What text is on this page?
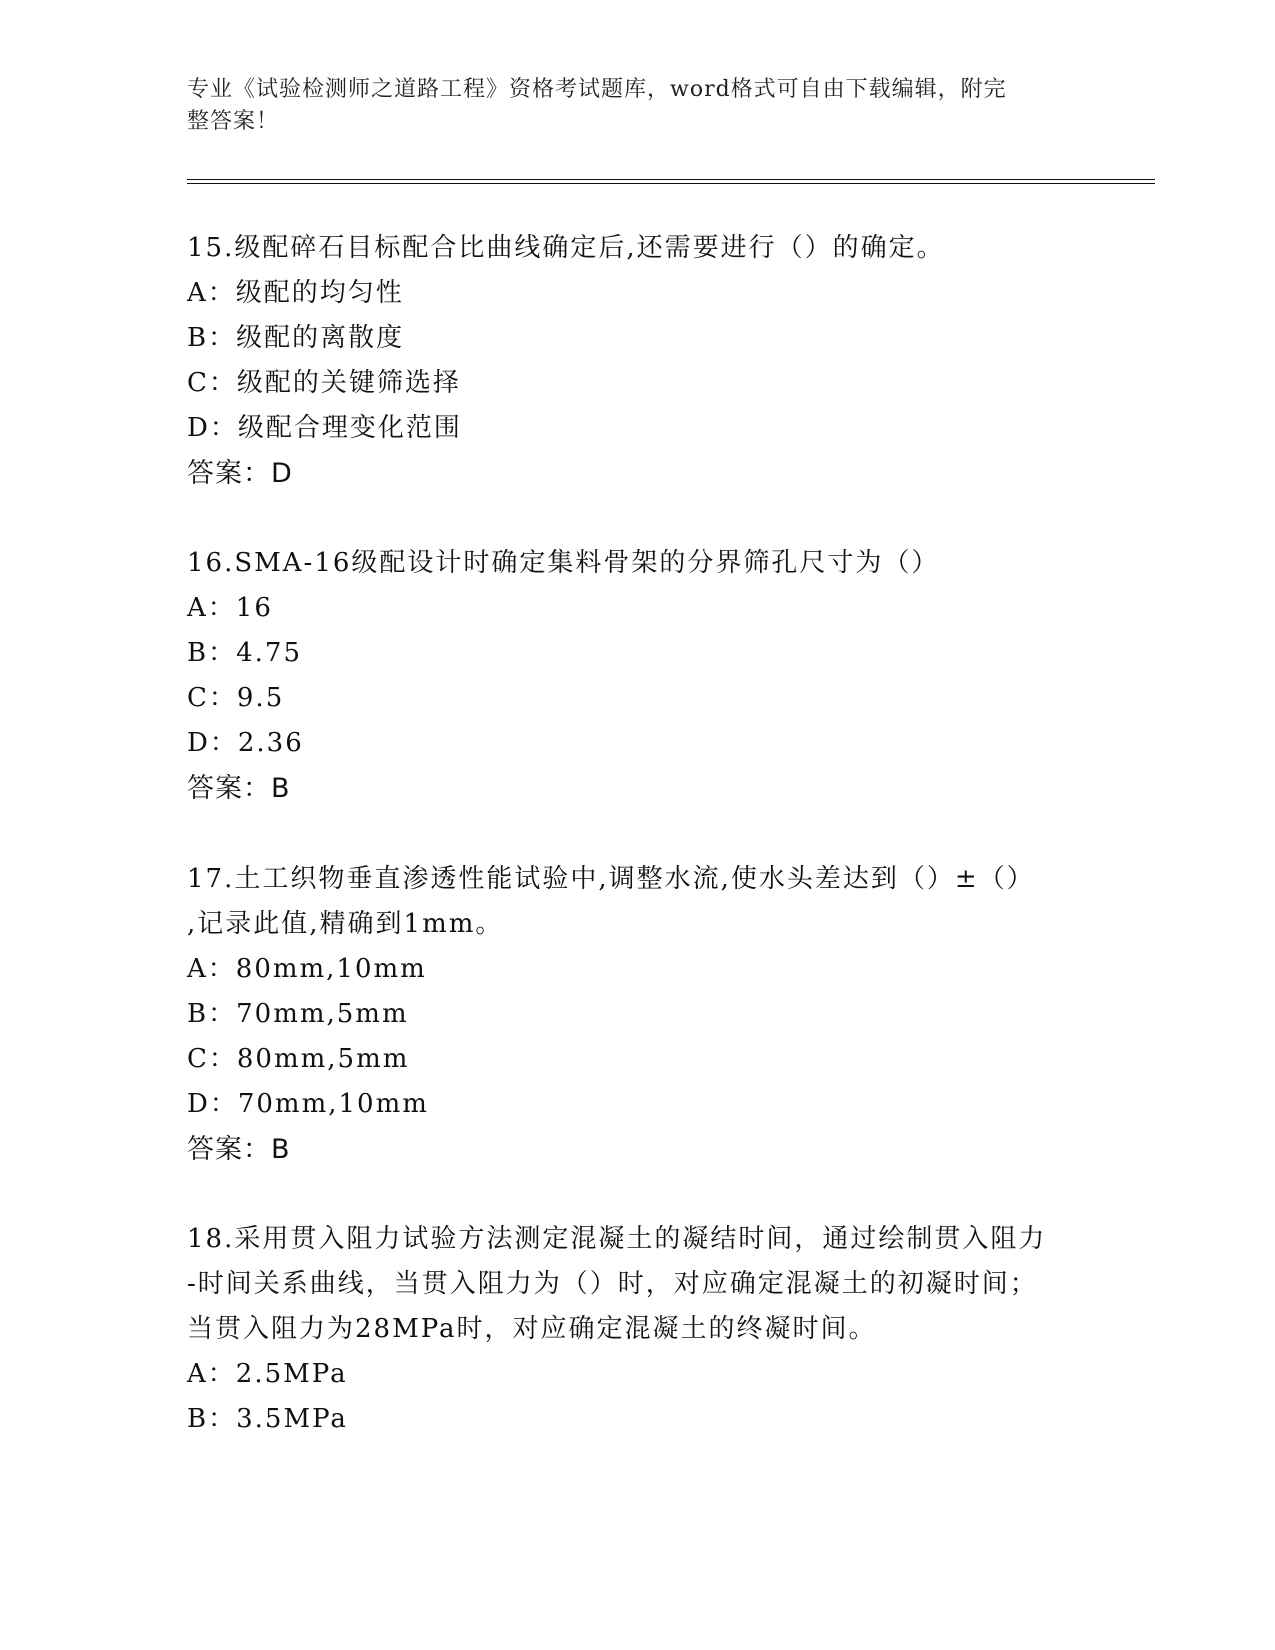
专业《试验检测师之道路工程》资格考试题库，word格式可自由下载编辑，附完
整答案！
15.级配碎石目标配合比曲线确定后,还需要进行（）的确定。
A：级配的均匀性
B：级配的离散度
C：级配的关键筛选择
D：级配合理变化范围
答案：D
16.SMA-16级配设计时确定集料骨架的分界筛孔尺寸为（）
A：16
B：4.75
C：9.5
D：2.36
答案：B
17.土工织物垂直渗透性能试验中,调整水流,使水头差达到（）±（）
,记录此值,精确到1mm。
A：80mm,10mm
B：70mm,5mm
C：80mm,5mm
D：70mm,10mm
答案：B
18.采用贯入阻力试验方法测定混凝土的凝结时间，通过绘制贯入阻力
-时间关系曲线，当贯入阻力为（）时，对应确定混凝土的初凝时间；
当贯入阻力为28MPa时，对应确定混凝土的终凝时间。
A：2.5MPa
B：3.5MPa
